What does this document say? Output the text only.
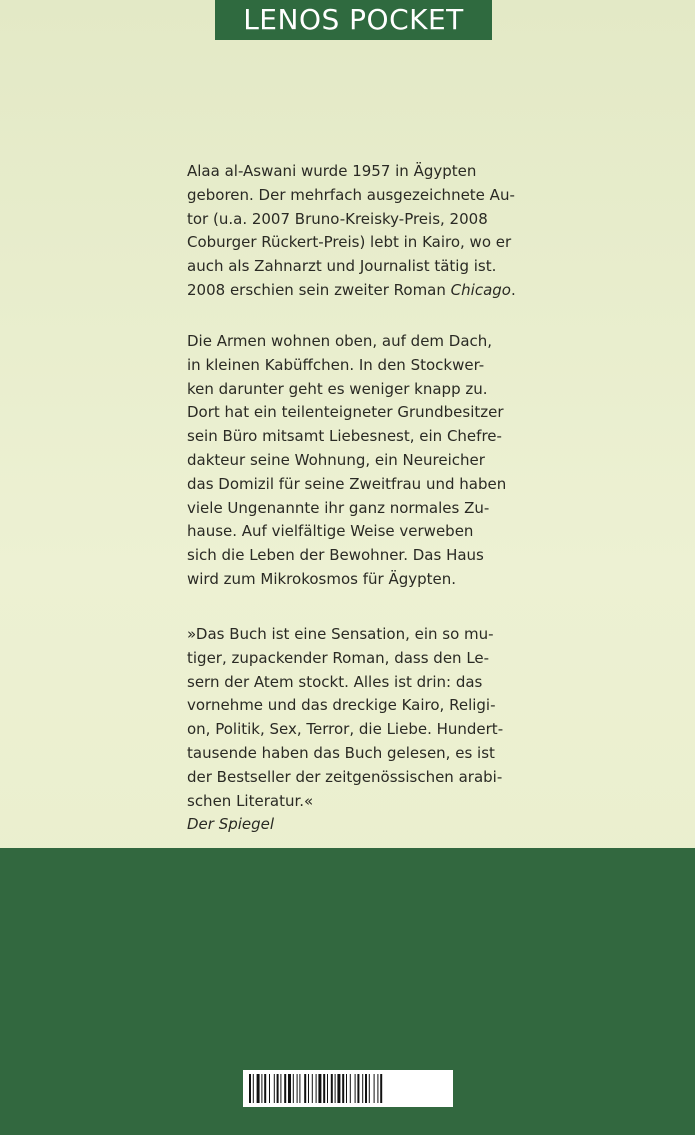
LENOS POCKET

Alaa al-Aswani wurde 1957 in Ägypten

geboren. Der mehrfach ausgezeichnete Au-

tor (u.a. 2007 Bruno-Kreisky-Preis, 2008

Coburger Rückert-Preis) lebt in Kairo, wo er

auch als Zahnarzt und Journalist tätig ist.

2008 erschien sein zweiter Roman Chicago.

Die Armen wohnen oben, auf dem Dach,

in kleinen Kabüffchen. In den Stockwer-

ken darunter geht es weniger knapp zu.

Dort hat ein teilenteigneter Grundbesitzer

sein Büro mitsamt Liebesnest, ein Chefre-

dakteur seine Wohnung, ein Neureicher

das Domizil für seine Zweitfrau und haben

viele Ungenannte ihr ganz normales Zu-

hause. Auf vielfältige Weise verweben

sich die Leben der Bewohner. Das Haus

wird zum Mikrokosmos für Ägypten.

»Das Buch ist eine Sensation, ein so mu-

tiger, zupackender Roman, dass den Le-

sern der Atem stockt. Alles ist drin: das

vornehme und das dreckige Kairo, Religi-

on, Politik, Sex, Terror, die Liebe. Hundert-

tausende haben das Buch gelesen, es ist

der Bestseller der zeitgenössischen arabi-

schen Literatur.«

Der Spiegel
